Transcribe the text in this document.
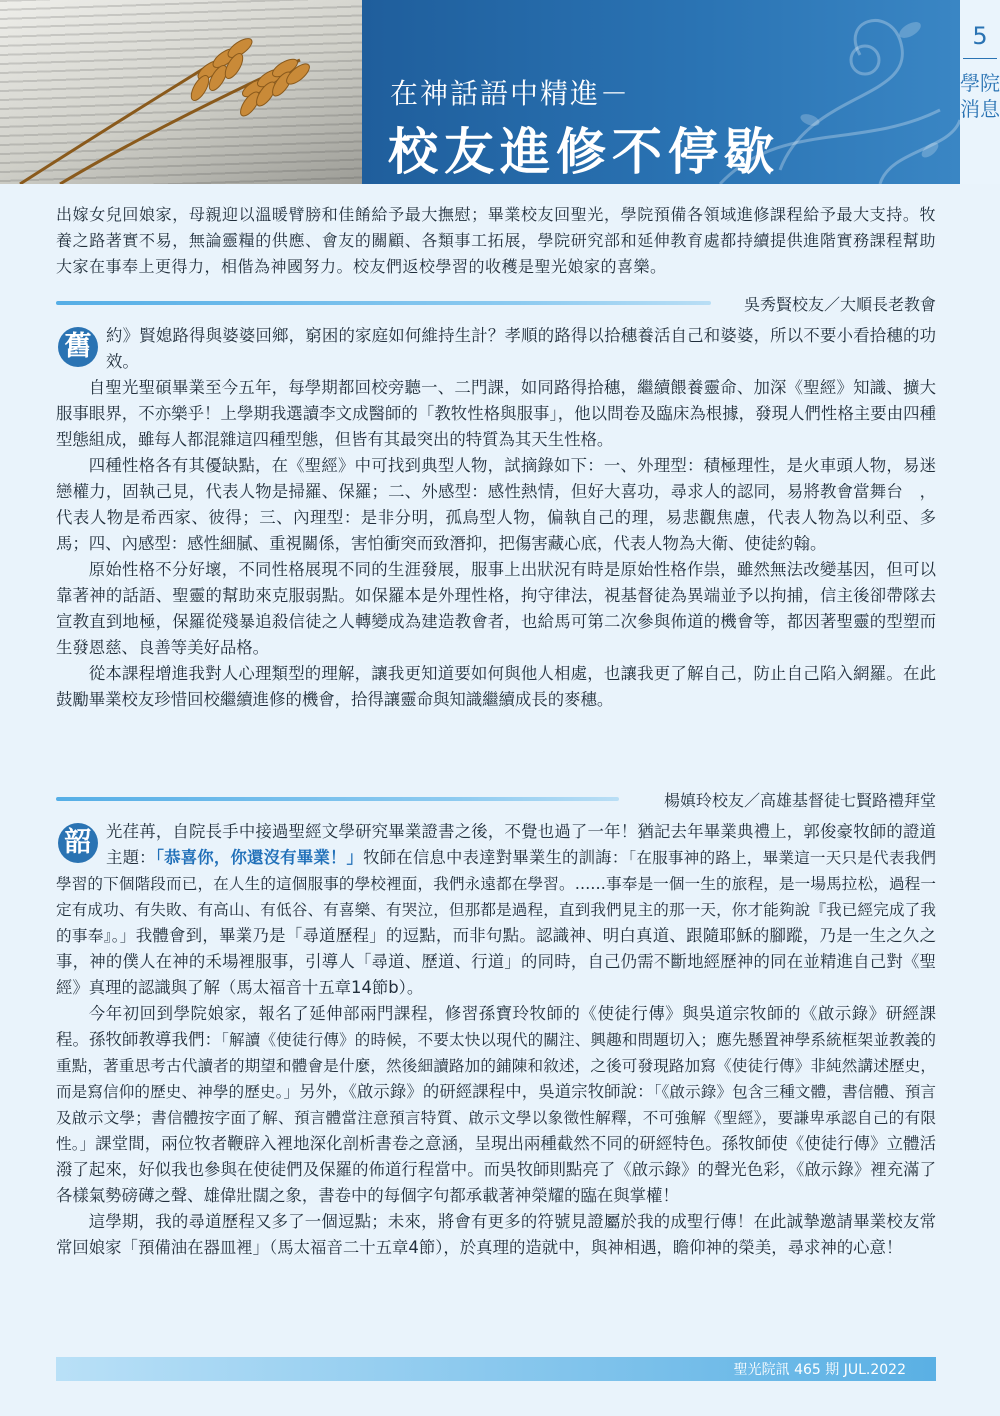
在神話語中精進－
校友進修不停歇
5
學院消息
出嫁女兒回娘家，母親迎以溫暖臂膀和佳餚給予最大撫慰；畢業校友回聖光，學院預備各領域進修課程給予最大支持。牧養之路著實不易，無論靈糧的供應、會友的關顧、各類事工拓展，學院研究部和延伸教育處都持續提供進階實務課程幫助大家在事奉上更得力，相偕為神國努力。校友們返校學習的收穫是聖光娘家的喜樂。
吳秀賢校友／大順長老教會

舊 約》賢媳路得與婆婆回鄉，窮困的家庭如何維持生計？孝順的路得以拾穗養活自己和婆婆，所以不要小看拾穗的功效。

自聖光聖碩畢業至今五年，每學期都回校旁聽一、二門課，如同路得拾穗，繼續餵養靈命、加深《聖經》知識、擴大服事眼界，不亦樂乎！上學期我選讀李文成醫師的「教牧性格與服事」，他以問卷及臨床為根據，發現人們性格主要由四種型態組成，雖每人都混雜這四種型態，但皆有其最突出的特質為其天生性格。

四種性格各有其優缺點，在《聖經》中可找到典型人物，試摘錄如下：一、外理型：積極理性，是火車頭人物，易迷戀權力，固執己見，代表人物是掃羅、保羅；二、外感型：感性熱情，但好大喜功，尋求人的認同，易將教會當舞台　，代表人物是希西家、彼得；三、內理型：是非分明，孤鳥型人物，偏執自己的理，易悲觀焦慮，代表人物為以利亞、多馬；四、內感型：感性細膩、重視關係，害怕衝突而致潛抑，把傷害藏心底，代表人物為大衛、使徒約翰。

原始性格不分好壞，不同性格展現不同的生涯發展，服事上出狀況有時是原始性格作祟，雖然無法改變基因，但可以靠著神的話語、聖靈的幫助來克服弱點。如保羅本是外理性格，拘守律法，視基督徒為異端並予以拘捕，信主後卻帶隊去宣教直到地極，保羅從殘暴追殺信徒之人轉變成為建造教會者，也給馬可第二次參與佈道的機會等，都因著聖靈的型塑而生發恩慈、良善等美好品格。

從本課程增進我對人心理類型的理解，讓我更知道要如何與他人相處，也讓我更了解自己，防止自己陷入網羅。在此鼓勵畢業校友珍惜回校繼續進修的機會，拾得讓靈命與知識繼續成長的麥穗。

楊嫃玲校友／高雄基督徒七賢路禮拜堂

韶 光荏苒，自院長手中接過聖經文學研究畢業證書之後，不覺也過了一年！猶記去年畢業典禮上，郭俊豪牧師的證道主題：「恭喜你，你還沒有畢業！」牧師在信息中表達對畢業生的訓誨：「在服事神的路上，畢業這一天只是代表我們學習的下個階段而已，在人生的這個服事的學校裡面，我們永遠都在學習。……事奉是一個一生的旅程，是一場馬拉松，過程一定有成功、有失敗、有高山、有低谷、有喜樂、有哭泣，但那都是過程，直到我們見主的那一天，你才能夠說『我已經完成了我的事奉』。」我體會到，畢業乃是「尋道歷程」的逗點，而非句點。認識神、明白真道、跟隨耶穌的腳蹤，乃是一生之久之事，神的僕人在神的禾場裡服事，引導人「尋道、歷道、行道」的同時，自己仍需不斷地經歷神的同在並精進自己對《聖經》真理的認識與了解（馬太福音十五章14節b）。

今年初回到學院娘家，報名了延伸部兩門課程，修習孫寶玲牧師的《使徒行傳》與吳道宗牧師的《啟示錄》研經課程。孫牧師教導我們：「解讀《使徒行傳》的時候，不要太快以現代的關注、興趣和問題切入；應先懸置神學系統框架並教義的重點，著重思考古代讀者的期望和體會是什麼，然後細讀路加的鋪陳和敘述，之後可發現路加寫《使徒行傳》非純然講述歷史，而是寫信仰的歷史、神學的歷史。」另外，《啟示錄》的研經課程中，吳道宗牧師說：「《啟示錄》包含三種文體，書信體、預言及啟示文學；書信體按字面了解、預言體當注意預言特質、啟示文學以象徵性解釋，不可強解《聖經》，要謙卑承認自己的有限性。」課堂間，兩位牧者鞭辟入裡地深化剖析書卷之意涵，呈現出兩種截然不同的研經特色。孫牧師使《使徒行傳》立體活潑了起來，好似我也參與在使徒們及保羅的佈道行程當中。而吳牧師則點亮了《啟示錄》的聲光色彩，《啟示錄》裡充滿了各樣氣勢磅礡之聲、雄偉壯闊之象，書卷中的每個字句都承載著神榮耀的臨在與掌權！

這學期，我的尋道歷程又多了一個逗點；未來，將會有更多的符號見證屬於我的成聖行傳！在此誠摯邀請畢業校友常常回娘家「預備油在器皿裡」（馬太福音二十五章4節），於真理的造就中，與神相遇，瞻仰神的榮美，尋求神的心意！

聖光院訊 465 期 JUL.2022
